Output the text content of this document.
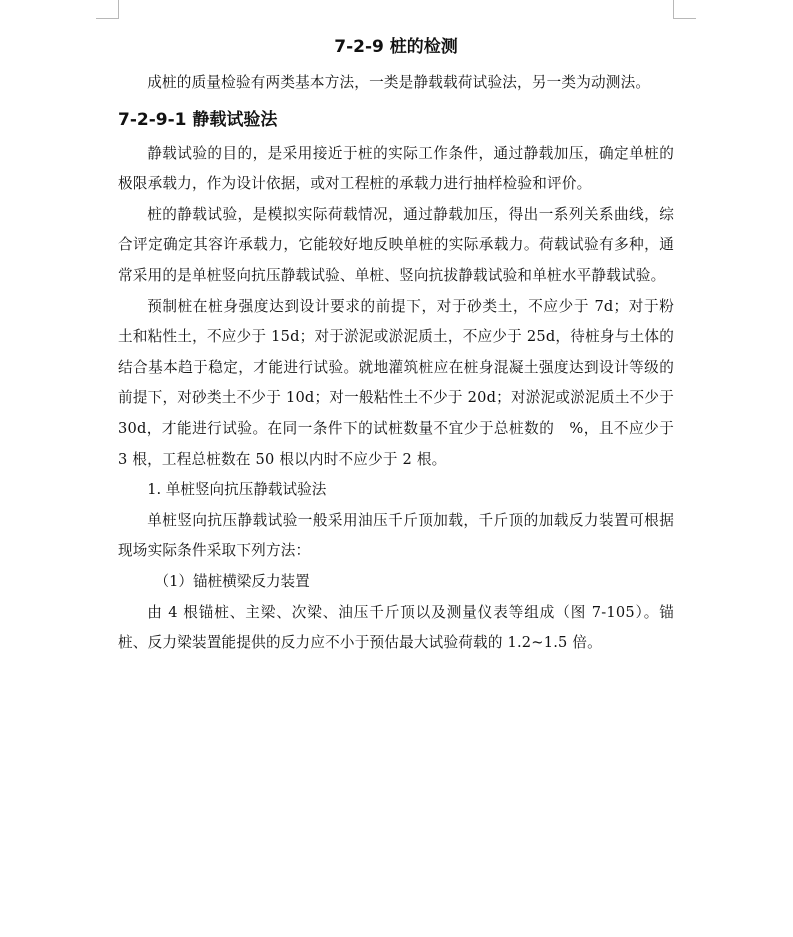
7-2-9 桩的检测

成桩的质量检验有两类基本方法，一类是静载载荷试验法，另一类为动测法。

7-2-9-1 静载试验法

静载试验的目的，是采用接近于桩的实际工作条件，通过静载加压，确定单桩的极限承载力，作为设计依据，或对工程桩的承载力进行抽样检验和评价。

桩的静载试验，是模拟实际荷载情况，通过静载加压，得出一系列关系曲线，综合评定确定其容许承载力，它能较好地反映单桩的实际承载力。荷载试验有多种，通常采用的是单桩竖向抗压静载试验、单桩、竖向抗拔静载试验和单桩水平静载试验。

预制桩在桩身强度达到设计要求的前提下，对于砂类土，不应少于 7d；对于粉土和粘性土，不应少于 15d；对于淤泥或淤泥质土，不应少于 25d，待桩身与土体的结合基本趋于稳定，才能进行试验。就地灌筑桩应在桩身混凝土强度达到设计等级的前提下，对砂类土不少于 10d；对一般粘性土不少于 20d；对淤泥或淤泥质土不少于 30d，才能进行试验。在同一条件下的试桩数量不宜少于总桩数的　%，且不应少于 3 根，工程总桩数在 50 根以内时不应少于 2 根。

1. 单桩竖向抗压静载试验法

单桩竖向抗压静载试验一般采用油压千斤顶加载，千斤顶的加载反力装置可根据现场实际条件采取下列方法：

（1）锚桩横梁反力装置

由 4 根锚桩、主梁、次梁、油压千斤顶以及测量仪表等组成（图 7-105）。锚桩、反力梁装置能提供的反力应不小于预估最大试验荷载的 1.2~1.5 倍。
